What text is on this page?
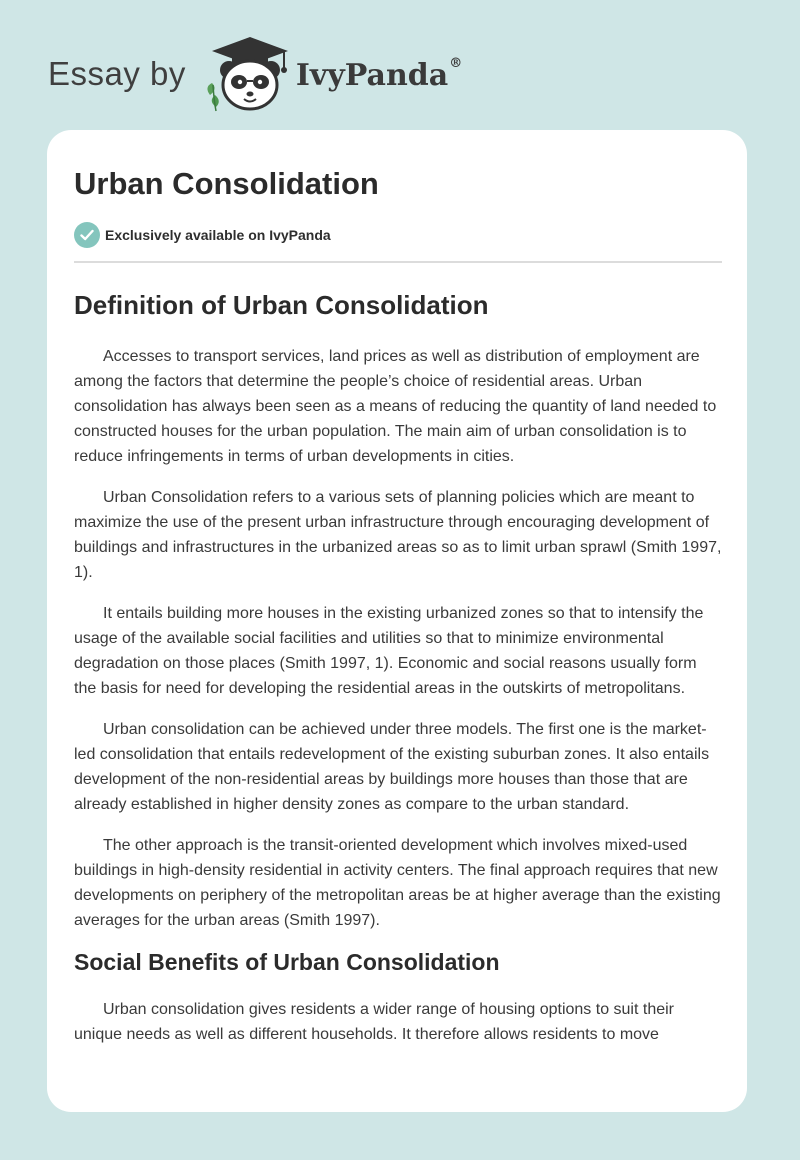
Essay by	IvyPanda®
Urban Consolidation
Exclusively available on IvyPanda
Definition of Urban Consolidation

Accesses to transport services, land prices as well as distribution of employment are among the factors that determine the people’s choice of residential areas. Urban consolidation has always been seen as a means of reducing the quantity of land needed to constructed houses for the urban population. The main aim of urban consolidation is to reduce infringements in terms of urban developments in cities.

Urban Consolidation refers to a various sets of planning policies which are meant to maximize the use of the present urban infrastructure through encouraging development of buildings and infrastructures in the urbanized areas so as to limit urban sprawl (Smith 1997, 1).

It entails building more houses in the existing urbanized zones so that to intensify the usage of the available social facilities and utilities so that to minimize environmental degradation on those places (Smith 1997, 1). Economic and social reasons usually form the basis for need for developing the residential areas in the outskirts of metropolitans.

Urban consolidation can be achieved under three models. The first one is the market-led consolidation that entails redevelopment of the existing suburban zones. It also entails development of the non-residential areas by buildings more houses than those that are already established in higher density zones as compare to the urban standard.

The other approach is the transit-oriented development which involves mixed-used buildings in high-density residential in activity centers. The final approach requires that new developments on periphery of the metropolitan areas be at higher average than the existing averages for the urban areas (Smith 1997).

Social Benefits of Urban Consolidation

Urban consolidation gives residents a wider range of housing options to suit their unique needs as well as different households. It therefore allows residents to move
